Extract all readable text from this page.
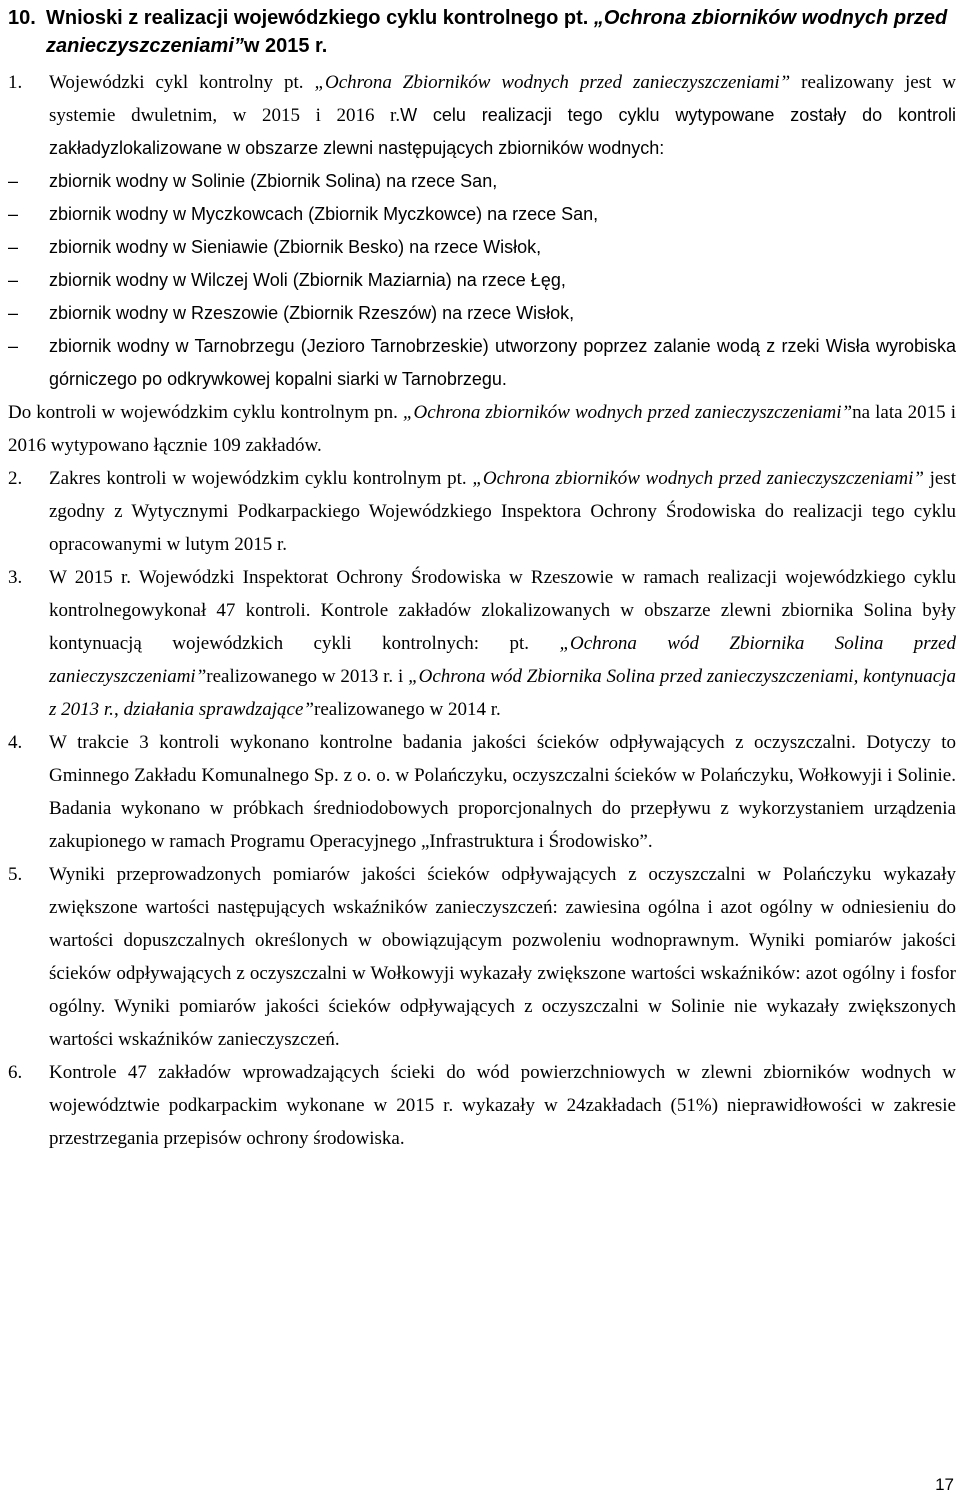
10. Wnioski z realizacji wojewódzkiego cyklu kontrolnego pt. „Ochrona zbiorników wodnych przed zanieczyszczeniami”w 2015 r.
1. Wojewódzki cykl kontrolny pt. „Ochrona Zbiorników wodnych przed zanieczyszczeniami” realizowany jest w systemie dwuletnim, w 2015 i 2016 r.W celu realizacji tego cyklu wytypowane zostały do kontroli zakładyzlokalizowane w obszarze zlewni następujących zbiorników wodnych:
– zbiornik wodny w Solinie (Zbiornik Solina) na rzece San,
– zbiornik wodny w Myczkowcach (Zbiornik Myczkowce) na rzece San,
– zbiornik wodny w Sieniawie (Zbiornik Besko) na rzece Wisłok,
– zbiornik wodny w Wilczej Woli (Zbiornik Maziarnia) na rzece Łęg,
– zbiornik wodny w Rzeszowie (Zbiornik Rzeszów) na rzece Wisłok,
– zbiornik wodny w Tarnobrzegu (Jezioro Tarnobrzeskie) utworzony poprzez zalanie wodą z rzeki Wisła wyrobiska górniczego po odkrywkowej kopalni siarki w Tarnobrzegu.
Do kontroli w wojewódzkim cyklu kontrolnym pn. „Ochrona zbiorników wodnych przed zanieczyszczeniami”na lata 2015 i 2016 wytypowano łącznie 109 zakładów.
2. Zakres kontroli w wojewódzkim cyklu kontrolnym pt. „Ochrona zbiorników wodnych przed zanieczyszczeniami” jest zgodny z Wytycznymi Podkarpackiego Wojewódzkiego Inspektora Ochrony Środowiska do realizacji tego cyklu opracowanymi w lutym 2015 r.
3. W 2015 r. Wojewódzki Inspektorat Ochrony Środowiska w Rzeszowie w ramach realizacji wojewódzkiego cyklu kontrolnegowykonał 47 kontroli. Kontrole zakładów zlokalizowanych w obszarze zlewni zbiornika Solina były kontynuacją wojewódzkich cykli kontrolnych: pt. „Ochrona wód Zbiornika Solina przed zanieczyszczeniami”realizowanego w 2013 r. i „Ochrona wód Zbiornika Solina przed zanieczyszczeniami, kontynuacja z 2013 r., działania sprawdzające”realizowanego w 2014 r.
4. W trakcie 3 kontroli wykonano kontrolne badania jakości ścieków odpływających z oczyszczalni. Dotyczy to Gminnego Zakładu Komunalnego Sp. z o. o. w Polańczyku, oczyszczalni ścieków w Polańczyku, Wołkowyji i Solinie. Badania wykonano w próbkach średniodobowych proporcjonalnych do przepływu z wykorzystaniem urządzenia zakupionego w ramach Programu Operacyjnego „Infrastruktura i Środowisko”.
5. Wyniki przeprowadzonych pomiarów jakości ścieków odpływających z oczyszczalni w Polańczyku wykazały zwiększone wartości następujących wskaźników zanieczyszczeń: zawiesina ogólna i azot ogólny w odniesieniu do wartości dopuszczalnych określonych w obowiązującym pozwoleniu wodnoprawnym. Wyniki pomiarów jakości ścieków odpływających z oczyszczalni w Wołkowyji wykazały zwiększone wartości wskaźników: azot ogólny i fosfor ogólny. Wyniki pomiarów jakości ścieków odpływających z oczyszczalni w Solinie nie wykazały zwiększonych wartości wskaźników zanieczyszczeń.
6. Kontrole 47 zakładów wprowadzających ścieki do wód powierzchniowych w zlewni zbiorników wodnych w województwie podkarpackim wykonane w 2015 r. wykazały w 24zakładach (51%) nieprawidłowości w zakresie przestrzegania przepisów ochrony środowiska.
17
